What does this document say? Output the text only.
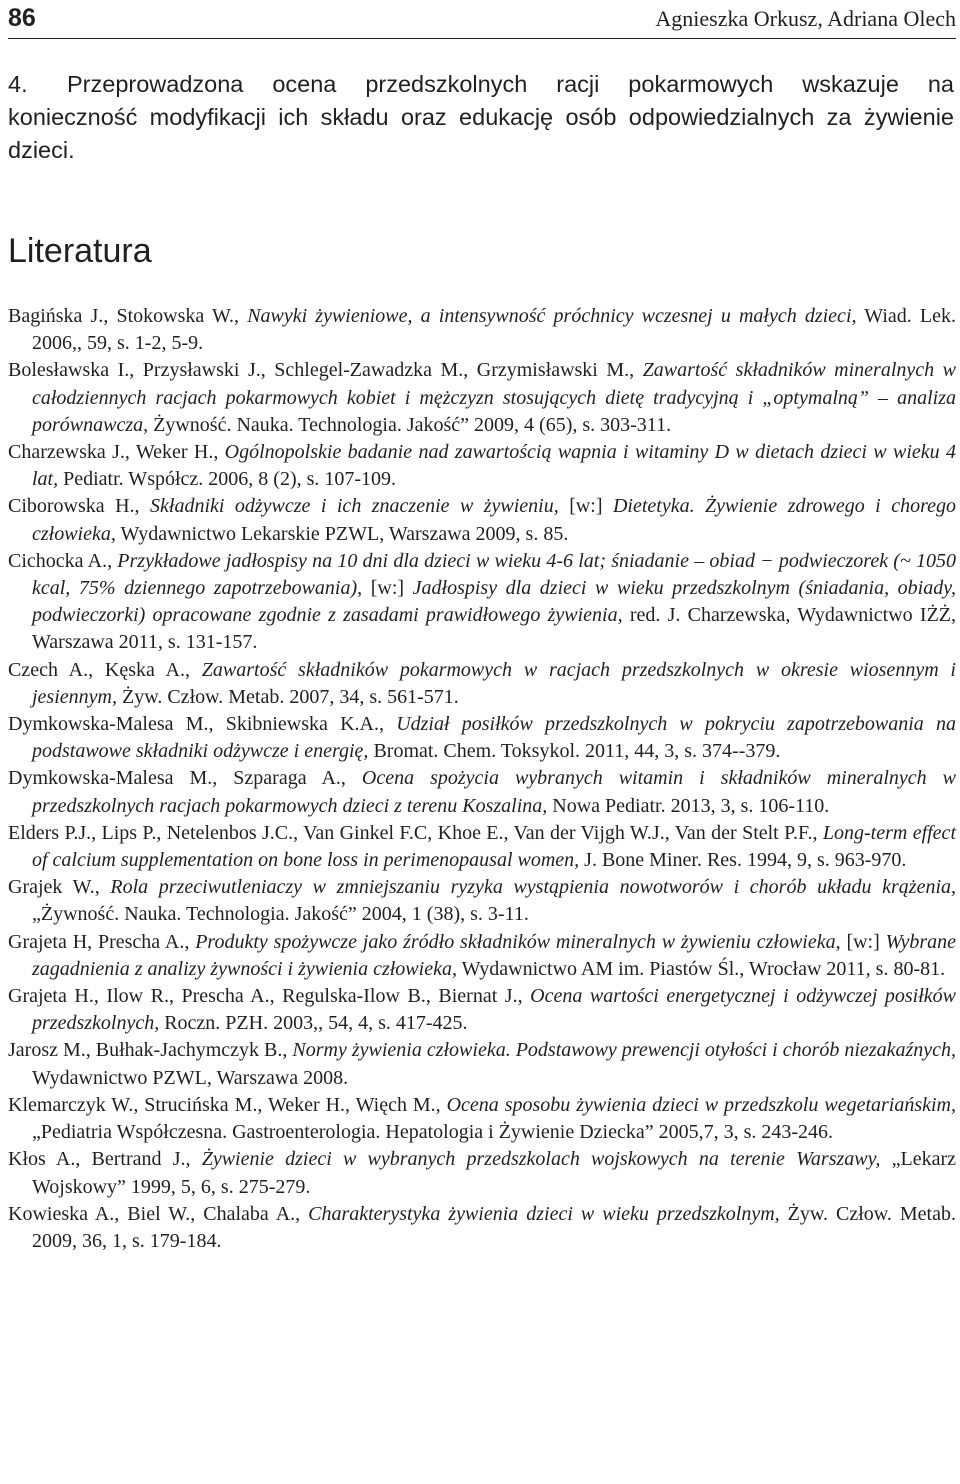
86	Agnieszka Orkusz, Adriana Olech

4. Przeprowadzona ocena przedszkolnych racji pokarmowych wskazuje na konieczność modyfikacji ich składu oraz edukację osób odpowiedzialnych za żywienie dzieci.

Literatura

Bagińska J., Stokowska W., Nawyki żywieniowe, a intensywność próchnicy wczesnej u małych dzieci, Wiad. Lek. 2006,, 59, s. 1-2, 5-9.

Bolesławska I., Przysławski J., Schlegel-Zawadzka M., Grzymisławski M., Zawartość składników mineralnych w całodziennych racjach pokarmowych kobiet i mężczyzn stosujących dietę tradycyjną i „optymalną” – analiza porównawcza, Żywność. Nauka. Technologia. Jakość” 2009, 4 (65), s. 303-311.

Charzewska J., Weker H., Ogólnopolskie badanie nad zawartością wapnia i witaminy D w dietach dzieci w wieku 4 lat, Pediatr. Współcz. 2006, 8 (2), s. 107-109.

Ciborowska H., Składniki odżywcze i ich znaczenie w żywieniu, [w:] Dietetyka. Żywienie zdrowego i chorego człowieka, Wydawnictwo Lekarskie PZWL, Warszawa 2009, s. 85.

Cichocka A., Przykładowe jadłospisy na 10 dni dla dzieci w wieku 4-6 lat; śniadanie – obiad − podwieczorek (~ 1050 kcal, 75% dziennego zapotrzebowania), [w:] Jadłospisy dla dzieci w wieku przedszkolnym (śniadania, obiady, podwieczorki) opracowane zgodnie z zasadami prawidłowego żywienia, red. J. Charzewska, Wydawnictwo IŻŻ, Warszawa 2011, s. 131-157.

Czech A., Kęska A., Zawartość składników pokarmowych w racjach przedszkolnych w okresie wiosennym i jesiennym, Żyw. Człow. Metab. 2007, 34, s. 561-571.

Dymkowska-Malesa M., Skibniewska K.A., Udział posiłków przedszkolnych w pokryciu zapotrzebowania na podstawowe składniki odżywcze i energię, Bromat. Chem. Toksykol. 2011, 44, 3, s. 374--379.

Dymkowska-Malesa M., Szparaga A., Ocena spożycia wybranych witamin i składników mineralnych w przedszkolnych racjach pokarmowych dzieci z terenu Koszalina, Nowa Pediatr. 2013, 3, s. 106-110.

Elders P.J., Lips P., Netelenbos J.C., Van Ginkel F.C, Khoe E., Van der Vijgh W.J., Van der Stelt P.F., Long-term effect of calcium supplementation on bone loss in perimenopausal women, J. Bone Miner. Res. 1994, 9, s. 963-970.

Grajek W., Rola przeciwutleniaczy w zmniejszaniu ryzyka wystąpienia nowotworów i chorób układu krążenia, „Żywność. Nauka. Technologia. Jakość” 2004, 1 (38), s. 3-11.

Grajeta H, Prescha A., Produkty spożywcze jako źródło składników mineralnych w żywieniu człowieka, [w:] Wybrane zagadnienia z analizy żywności i żywienia człowieka, Wydawnictwo AM im. Piastów Śl., Wrocław 2011, s. 80-81.

Grajeta H., Ilow R., Prescha A., Regulska-Ilow B., Biernat J., Ocena wartości energetycznej i odżywczej posiłków przedszkolnych, Roczn. PZH. 2003,, 54, 4, s. 417-425.

Jarosz M., Bułhak-Jachymczyk B., Normy żywienia człowieka. Podstawowy prewencji otyłości i chorób niezakaźnych, Wydawnictwo PZWL, Warszawa 2008.

Klemarczyk W., Strucińska M., Weker H., Więch M., Ocena sposobu żywienia dzieci w przedszkolu wegetariańskim, „Pediatria Współczesna. Gastroenterologia. Hepatologia i Żywienie Dziecka” 2005,7, 3, s. 243-246.

Kłos A., Bertrand J., Żywienie dzieci w wybranych przedszkolach wojskowych na terenie Warszawy, „Lekarz Wojskowy” 1999, 5, 6, s. 275-279.

Kowieska A., Biel W., Chalaba A., Charakterystyka żywienia dzieci w wieku przedszkolnym, Żyw. Człow. Metab. 2009, 36, 1, s. 179-184.
